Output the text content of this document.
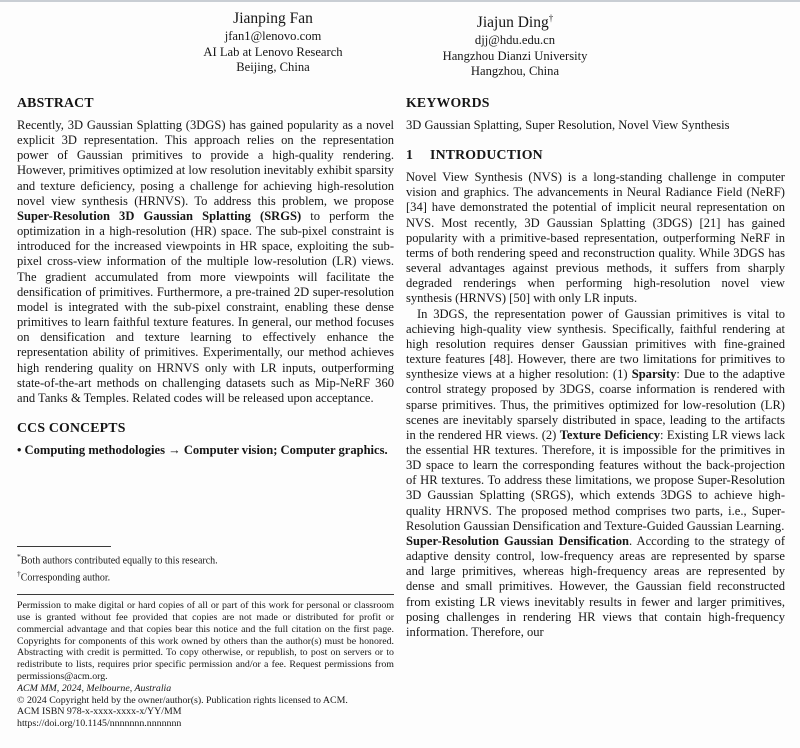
Jianping Fan
jfan1@lenovo.com
AI Lab at Lenovo Research
Beijing, China
Jiajun Ding†
djj@hdu.edu.cn
Hangzhou Dianzi University
Hangzhou, China
ABSTRACT

Recently, 3D Gaussian Splatting (3DGS) has gained popularity as a novel explicit 3D representation. This approach relies on the representation power of Gaussian primitives to provide a high-quality rendering. However, primitives optimized at low resolution inevitably exhibit sparsity and texture deficiency, posing a challenge for achieving high-resolution novel view synthesis (HRNVS). To address this problem, we propose Super-Resolution 3D Gaussian Splatting (SRGS) to perform the optimization in a high-resolution (HR) space. The sub-pixel constraint is introduced for the increased viewpoints in HR space, exploiting the sub-pixel cross-view information of the multiple low-resolution (LR) views. The gradient accumulated from more viewpoints will facilitate the densification of primitives. Furthermore, a pre-trained 2D super-resolution model is integrated with the sub-pixel constraint, enabling these dense primitives to learn faithful texture features. In general, our method focuses on densification and texture learning to effectively enhance the representation ability of primitives. Experimentally, our method achieves high rendering quality on HRNVS only with LR inputs, outperforming state-of-the-art methods on challenging datasets such as Mip-NeRF 360 and Tanks & Temples. Related codes will be released upon acceptance.

CCS CONCEPTS

• Computing methodologies → Computer vision; Computer graphics.

*Both authors contributed equally to this research.
†Corresponding author.

Permission to make digital or hard copies of all or part of this work for personal or classroom use is granted without fee provided that copies are not made or distributed for profit or commercial advantage and that copies bear this notice and the full citation on the first page. Copyrights for components of this work owned by others than the author(s) must be honored. Abstracting with credit is permitted. To copy otherwise, or republish, to post on servers or to redistribute to lists, requires prior specific permission and/or a fee. Request permissions from permissions@acm.org.

ACM MM, 2024, Melbourne, Australia

© 2024 Copyright held by the owner/author(s). Publication rights licensed to ACM.

ACM ISBN 978-x-xxxx-xxxx-x/YY/MM

https://doi.org/10.1145/nnnnnnn.nnnnnnn

KEYWORDS

3D Gaussian Splatting, Super Resolution, Novel View Synthesis

1 INTRODUCTION

Novel View Synthesis (NVS) is a long-standing challenge in computer vision and graphics. The advancements in Neural Radiance Field (NeRF) [34] have demonstrated the potential of implicit neural representation on NVS. Most recently, 3D Gaussian Splatting (3DGS) [21] has gained popularity with a primitive-based representation, outperforming NeRF in terms of both rendering speed and reconstruction quality. While 3DGS has several advantages against previous methods, it suffers from sharply degraded renderings when performing high-resolution novel view synthesis (HRNVS) [50] with only LR inputs.

In 3DGS, the representation power of Gaussian primitives is vital to achieving high-quality view synthesis. Specifically, faithful rendering at high resolution requires denser Gaussian primitives with fine-grained texture features [48]. However, there are two limitations for primitives to synthesize views at a higher resolution: (1) Sparsity: Due to the adaptive control strategy proposed by 3DGS, coarse information is rendered with sparse primitives. Thus, the primitives optimized for low-resolution (LR) scenes are inevitably sparsely distributed in space, leading to the artifacts in the rendered HR views. (2) Texture Deficiency: Existing LR views lack the essential HR textures. Therefore, it is impossible for the primitives in 3D space to learn the corresponding features without the back-projection of HR textures. To address these limitations, we propose Super-Resolution 3D Gaussian Splatting (SRGS), which extends 3DGS to achieve high-quality HRNVS. The proposed method comprises two parts, i.e., Super-Resolution Gaussian Densification and Texture-Guided Gaussian Learning.

Super-Resolution Gaussian Densification. According to the strategy of adaptive density control, low-frequency areas are represented by sparse and large primitives, whereas high-frequency areas are represented by dense and small primitives. However, the Gaussian field reconstructed from existing LR views inevitably results in fewer and larger primitives, posing challenges in rendering HR views that contain high-frequency information. Therefore, our
